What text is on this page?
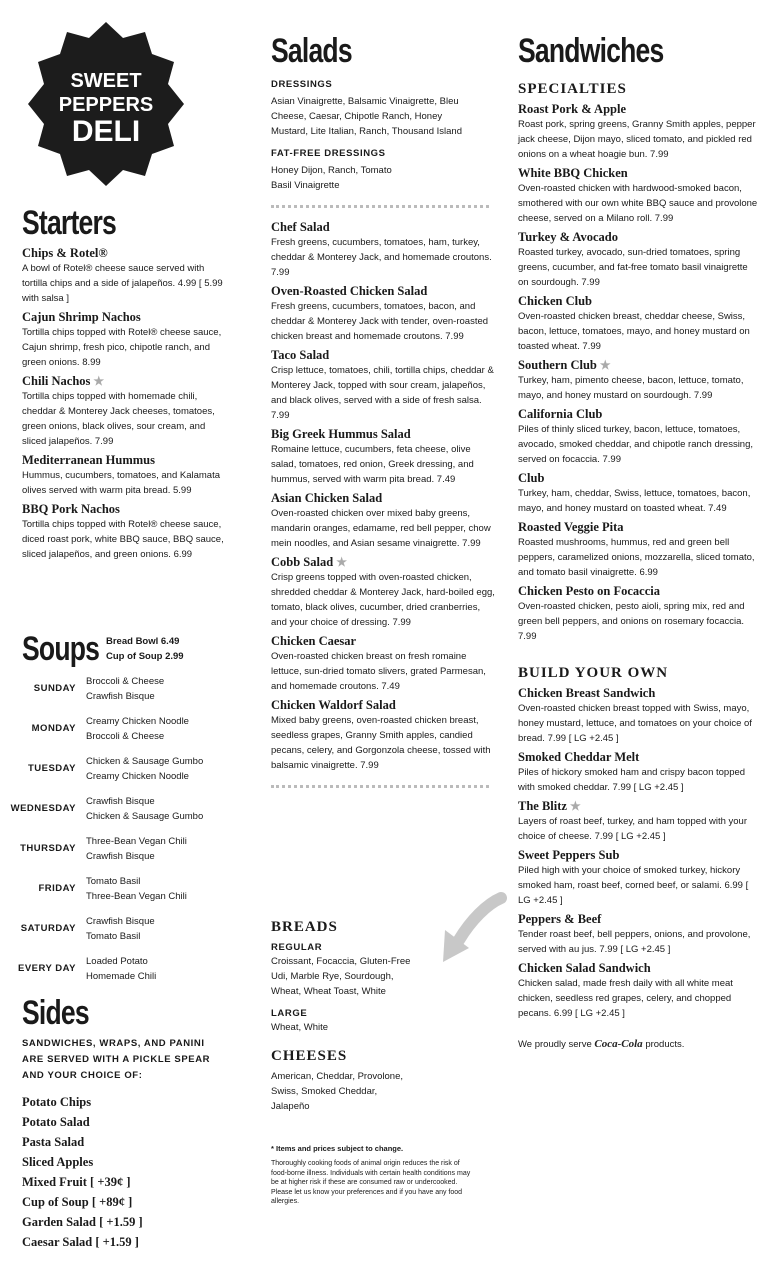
SWEET
PEPPERS
DELI
Starters
Chips & Rotel®
A bowl of Rotel® cheese sauce served with tortilla chips and a side of jalapeños. 4.99 [ 5.99 with salsa ]
Cajun Shrimp Nachos
Tortilla chips topped with Rotel® cheese sauce, Cajun shrimp, fresh pico, chipotle ranch, and green onions. 8.99
Chili Nachos ★
Tortilla chips topped with homemade chili, cheddar & Monterey Jack cheeses, tomatoes, green onions, black olives, sour cream, and sliced jalapeños. 7.99
Mediterranean Hummus
Hummus, cucumbers, tomatoes, and Kalamata olives served with warm pita bread. 5.99
BBQ Pork Nachos
Tortilla chips topped with Rotel® cheese sauce, diced roast pork, white BBQ sauce, BBQ sauce, sliced jalapeños, and green onions. 6.99
Soups Bread Bowl 6.49
Cup of Soup 2.99
SUNDAY
Broccoli & Cheese
Crawfish Bisque
MONDAY
Creamy Chicken Noodle
Broccoli & Cheese
TUESDAY
Chicken & Sausage Gumbo
Creamy Chicken Noodle
WEDNESDAY
Crawfish Bisque
Chicken & Sausage Gumbo
THURSDAY
Three-Bean Vegan Chili
Crawfish Bisque
FRIDAY
Tomato Basil
Three-Bean Vegan Chili
SATURDAY
Crawfish Bisque
Tomato Basil
EVERY DAY
Loaded Potato
Homemade Chili
Sides
SANDWICHES, WRAPS, AND PANINI ARE SERVED WITH A PICKLE SPEAR AND YOUR CHOICE OF:
Potato Chips
Potato Salad
Pasta Salad
Sliced Apples
Mixed Fruit [ +39¢ ]
Cup of Soup [ +89¢ ]
Garden Salad [ +1.59 ]
Caesar Salad [ +1.59 ]
Salads
DRESSINGS
Asian Vinaigrette, Balsamic Vinaigrette, Bleu Cheese, Caesar, Chipotle Ranch, Honey Mustard, Lite Italian, Ranch, Thousand Island
FAT-FREE DRESSINGS
Honey Dijon, Ranch, Tomato Basil Vinaigrette
Chef Salad
Fresh greens, cucumbers, tomatoes, ham, turkey, cheddar & Monterey Jack, and homemade croutons. 7.99
Oven-Roasted Chicken Salad
Fresh greens, cucumbers, tomatoes, bacon, and cheddar & Monterey Jack with tender, oven-roasted chicken breast and homemade croutons. 7.99
Taco Salad
Crisp lettuce, tomatoes, chili, tortilla chips, cheddar & Monterey Jack, topped with sour cream, jalapeños, and black olives, served with a side of fresh salsa. 7.99
Big Greek Hummus Salad
Romaine lettuce, cucumbers, feta cheese, olive salad, tomatoes, red onion, Greek dressing, and hummus, served with warm pita bread. 7.49
Asian Chicken Salad
Oven-roasted chicken over mixed baby greens, mandarin oranges, edamame, red bell pepper, chow mein noodles, and Asian sesame vinaigrette. 7.99
Cobb Salad ★
Crisp greens topped with oven-roasted chicken, shredded cheddar & Monterey Jack, hard-boiled egg, tomato, black olives, cucumber, dried cranberries, and your choice of dressing. 7.99
Chicken Caesar
Oven-roasted chicken breast on fresh romaine lettuce, sun-dried tomato slivers, grated Parmesan, and homemade croutons. 7.49
Chicken Waldorf Salad
Mixed baby greens, oven-roasted chicken breast, seedless grapes, Granny Smith apples, candied pecans, celery, and Gorgonzola cheese, tossed with balsamic vinaigrette. 7.99
BREADS
REGULAR
Croissant, Focaccia, Gluten-Free Udi, Marble Rye, Sourdough, Wheat, Wheat Toast, White
LARGE
Wheat, White
CHEESES
American, Cheddar, Provolone, Swiss, Smoked Cheddar, Jalapeño
* Items and prices subject to change.
Thoroughly cooking foods of animal origin reduces the risk of food-borne illness. Individuals with certain health conditions may be at higher risk if these are consumed raw or undercooked. Please let us know your preferences and if you have any food allergies.
Sandwiches
SPECIALTIES
Roast Pork & Apple
Roast pork, spring greens, Granny Smith apples, pepper jack cheese, Dijon mayo, sliced tomato, and pickled red onions on a wheat hoagie bun. 7.99
White BBQ Chicken
Oven-roasted chicken with hardwood-smoked bacon, smothered with our own white BBQ sauce and provolone cheese, served on a Milano roll. 7.99
Turkey & Avocado
Roasted turkey, avocado, sun-dried tomatoes, spring greens, cucumber, and fat-free tomato basil vinaigrette on sourdough. 7.99
Chicken Club
Oven-roasted chicken breast, cheddar cheese, Swiss, bacon, lettuce, tomatoes, mayo, and honey mustard on toasted wheat. 7.99
Southern Club ★
Turkey, ham, pimento cheese, bacon, lettuce, tomato, mayo, and honey mustard on sourdough. 7.99
California Club
Piles of thinly sliced turkey, bacon, lettuce, tomatoes, avocado, smoked cheddar, and chipotle ranch dressing, served on focaccia. 7.99
Club
Turkey, ham, cheddar, Swiss, lettuce, tomatoes, bacon, mayo, and honey mustard on toasted wheat. 7.49
Roasted Veggie Pita
Roasted mushrooms, hummus, red and green bell peppers, caramelized onions, mozzarella, sliced tomato, and tomato basil vinaigrette. 6.99
Chicken Pesto on Focaccia
Oven-roasted chicken, pesto aioli, spring mix, red and green bell peppers, and onions on rosemary focaccia. 7.99
BUILD YOUR OWN
Chicken Breast Sandwich
Oven-roasted chicken breast topped with Swiss, mayo, honey mustard, lettuce, and tomatoes on your choice of bread. 7.99 [ LG +2.45 ]
Smoked Cheddar Melt
Piles of hickory smoked ham and crispy bacon topped with smoked cheddar. 7.99 [ LG +2.45 ]
The Blitz ★
Layers of roast beef, turkey, and ham topped with your choice of cheese. 7.99 [ LG +2.45 ]
Sweet Peppers Sub
Piled high with your choice of smoked turkey, hickory smoked ham, roast beef, corned beef, or salami. 6.99 [ LG +2.45 ]
Peppers & Beef
Tender roast beef, bell peppers, onions, and provolone, served with au jus. 7.99 [ LG +2.45 ]
Chicken Salad Sandwich
Chicken salad, made fresh daily with all white meat chicken, seedless red grapes, celery, and chopped pecans. 6.99 [ LG +2.45 ]
We proudly serve Coca-Cola products.
